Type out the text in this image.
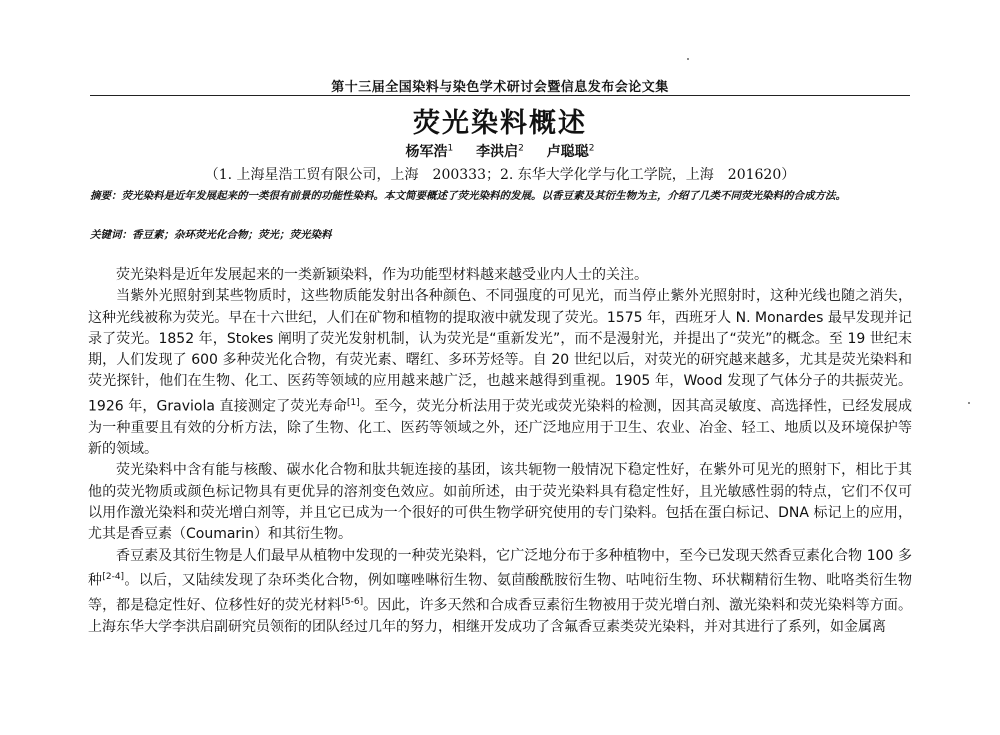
第十三届全国染料与染色学术研讨会暨信息发布会论文集
荧光染料概述
杨军浩$^1$ 李洪启$^2$ 卢聪聪$^2$
（1. 上海星浩工贸有限公司，上海　200333；2. 东华大学化学与化工学院，上海　201620）
摘要：荧光染料是近年发展起来的一类很有前景的功能性染料。本文简要概述了荧光染料的发展。以香豆素及其衍生物为主，介绍了几类不同荧光染料的合成方法。
关键词：香豆素；杂环荧光化合物；荧光；荧光染料

荧光染料是近年发展起来的一类新颖染料，作为功能型材料越来越受业内人士的关注。

当紫外光照射到某些物质时，这些物质能发射出各种颜色、不同强度的可见光，而当停止紫外光照射时，这种光线也随之消失，这种光线被称为荧光。早在十六世纪，人们在矿物和植物的提取液中就发现了荧光。1575 年，西班牙人 N. Monardes 最早发现并记录了荧光。1852 年，Stokes 阐明了荧光发射机制，认为荧光是“重新发光”，而不是漫射光，并提出了“荧光”的概念。至 19 世纪末期，人们发现了 600 多种荧光化合物，有荧光素、曙红、多环芳烃等。自 20 世纪以后，对荧光的研究越来越多，尤其是荧光染料和荧光探针，他们在生物、化工、医药等领域的应用越来越广泛，也越来越得到重视。1905 年，Wood 发现了气体分子的共振荧光。1926 年，Graviola 直接测定了荧光寿命[1]。至今，荧光分析法用于荧光或荧光染料的检测，因其高灵敏度、高选择性，已经发展成为一种重要且有效的分析方法，除了生物、化工、医药等领域之外，还广泛地应用于卫生、农业、冶金、轻工、地质以及环境保护等新的领域。

荧光染料中含有能与核酸、碳水化合物和肽共轭连接的基团，该共轭物一般情况下稳定性好，在紫外可见光的照射下，相比于其他的荧光物质或颜色标记物具有更优异的溶剂变色效应。如前所述，由于荧光染料具有稳定性好，且光敏感性弱的特点，它们不仅可以用作激光染料和荧光增白剂等，并且它已成为一个很好的可供生物学研究使用的专门染料。包括在蛋白标记、DNA 标记上的应用，尤其是香豆素（Coumarin）和其衍生物。

香豆素及其衍生物是人们最早从植物中发现的一种荧光染料，它广泛地分布于多种植物中，至今已发现天然香豆素化合物 100 多种[2-4]。以后，又陆续发现了杂环类化合物，例如噻唑啉衍生物、氨茴酸酰胺衍生物、咕吨衍生物、环状糊精衍生物、吡咯类衍生物等，都是稳定性好、位移性好的荧光材料[5-6]。因此，许多天然和合成香豆素衍生物被用于荧光增白剂、激光染料和荧光染料等方面。上海东华大学李洪启副研究员领衔的团队经过几年的努力，相继开发成功了含氟香豆素类荧光染料，并对其进行了系列，如金属离
